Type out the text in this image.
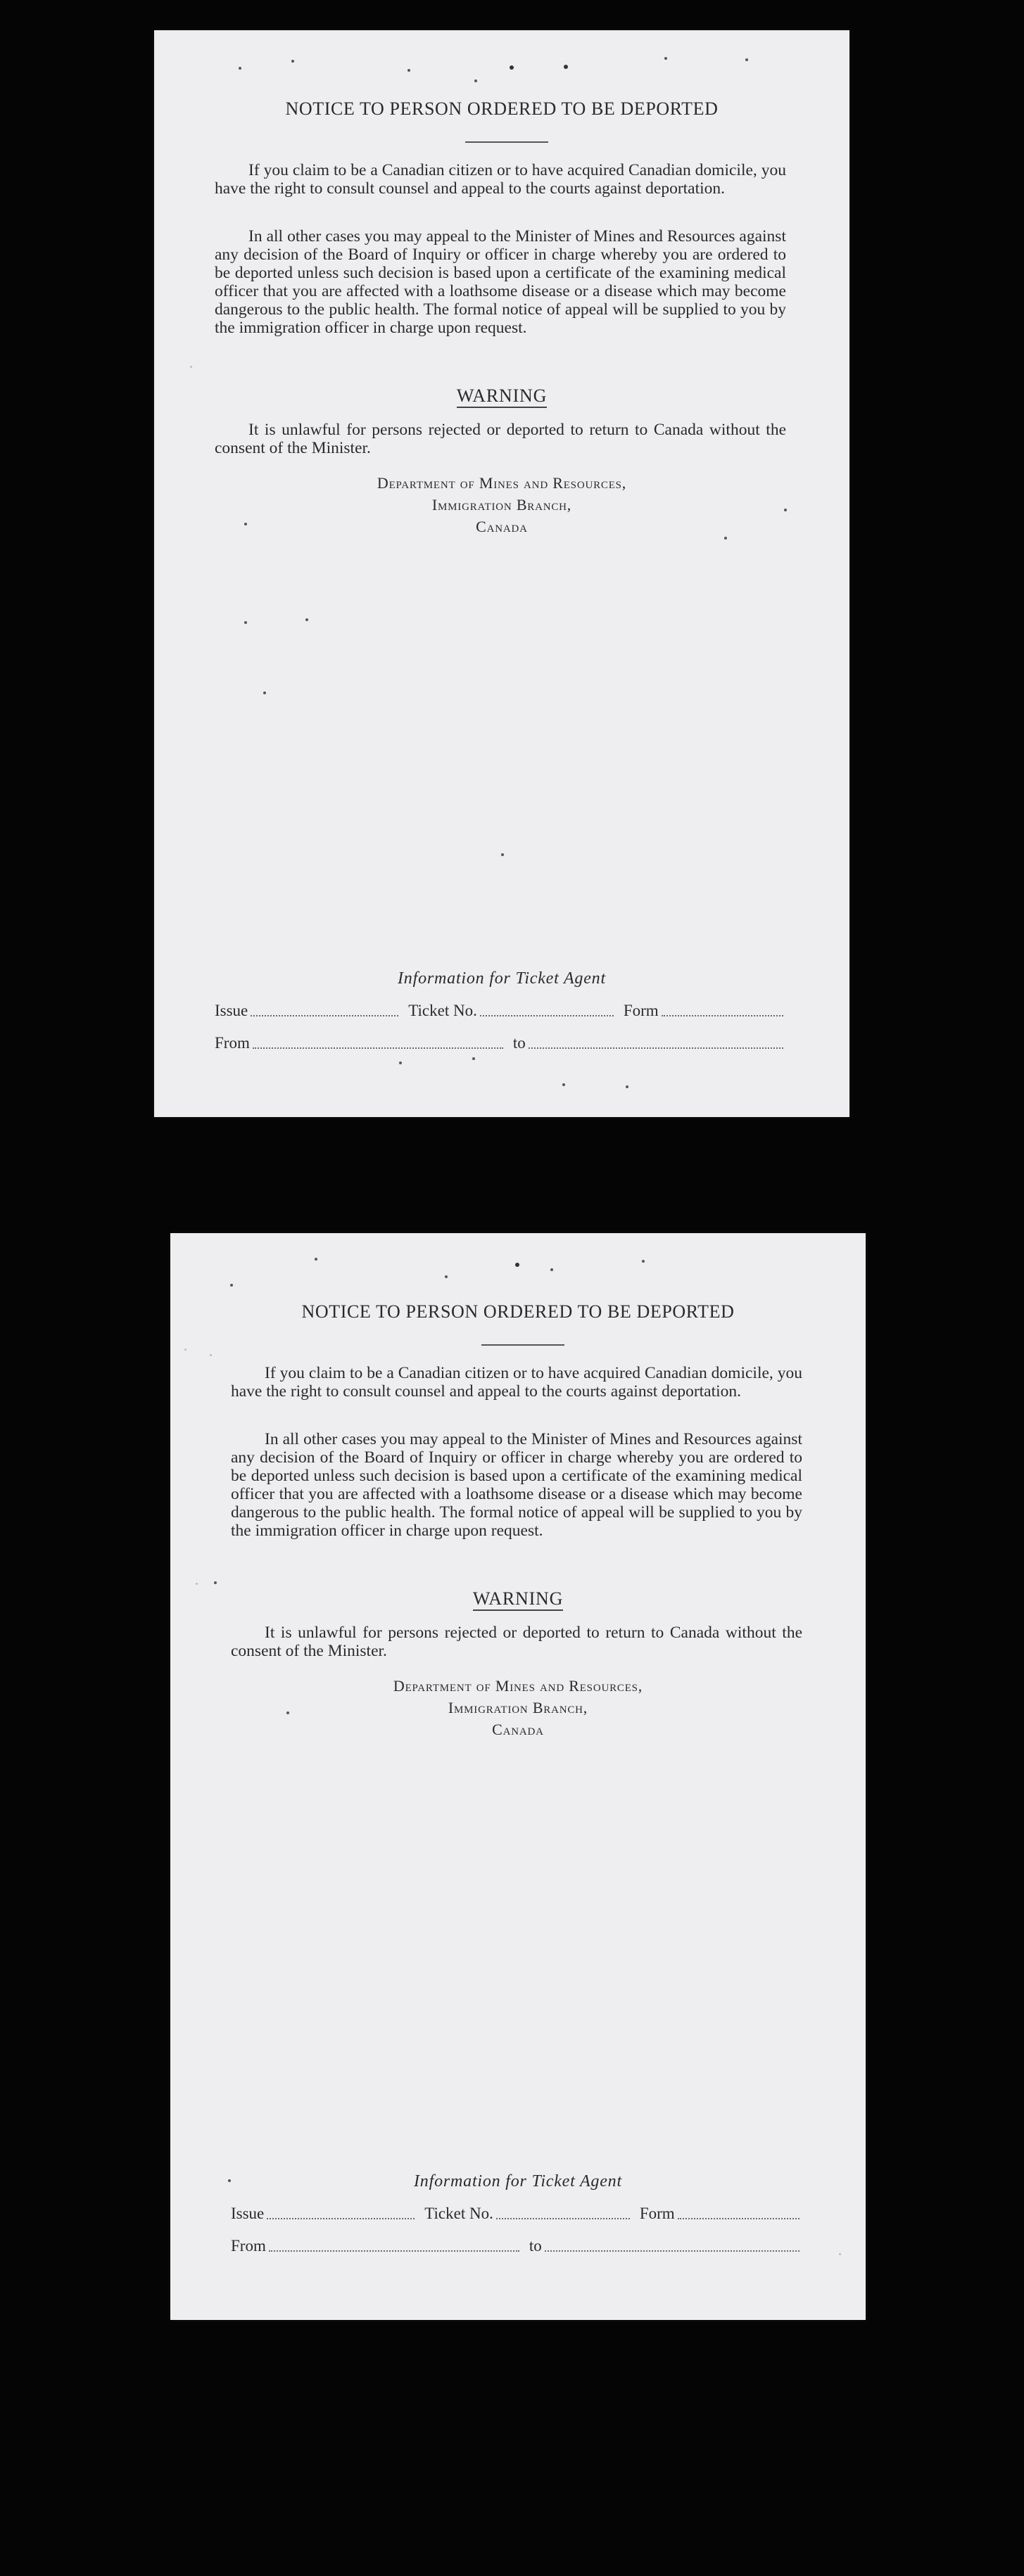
NOTICE TO PERSON ORDERED TO BE DEPORTED

If you claim to be a Canadian citizen or to have acquired Canadian domicile, you have the right to consult counsel and appeal to the courts against deportation.

In all other cases you may appeal to the Minister of Mines and Resources against any decision of the Board of Inquiry or officer in charge whereby you are ordered to be deported unless such decision is based upon a certificate of the examining medical officer that you are affected with a loathsome disease or a disease which may become dangerous to the public health. The formal notice of appeal will be supplied to you by the immigration officer in charge upon request.

WARNING

It is unlawful for persons rejected or deported to return to Canada without the consent of the Minister.

Department of Mines and Resources,
Immigration Branch,
Canada
Information for Ticket Agent
Issue	Ticket No.	Form
From	to
NOTICE TO PERSON ORDERED TO BE DEPORTED

If you claim to be a Canadian citizen or to have acquired Canadian domicile, you have the right to consult counsel and appeal to the courts against deportation.

In all other cases you may appeal to the Minister of Mines and Resources against any decision of the Board of Inquiry or officer in charge whereby you are ordered to be deported unless such decision is based upon a certificate of the examining medical officer that you are affected with a loathsome disease or a disease which may become dangerous to the public health. The formal notice of appeal will be supplied to you by the immigration officer in charge upon request.

WARNING

It is unlawful for persons rejected or deported to return to Canada without the consent of the Minister.

Department of Mines and Resources,
Immigration Branch,
Canada
Information for Ticket Agent
Issue	Ticket No.	Form
From	to
